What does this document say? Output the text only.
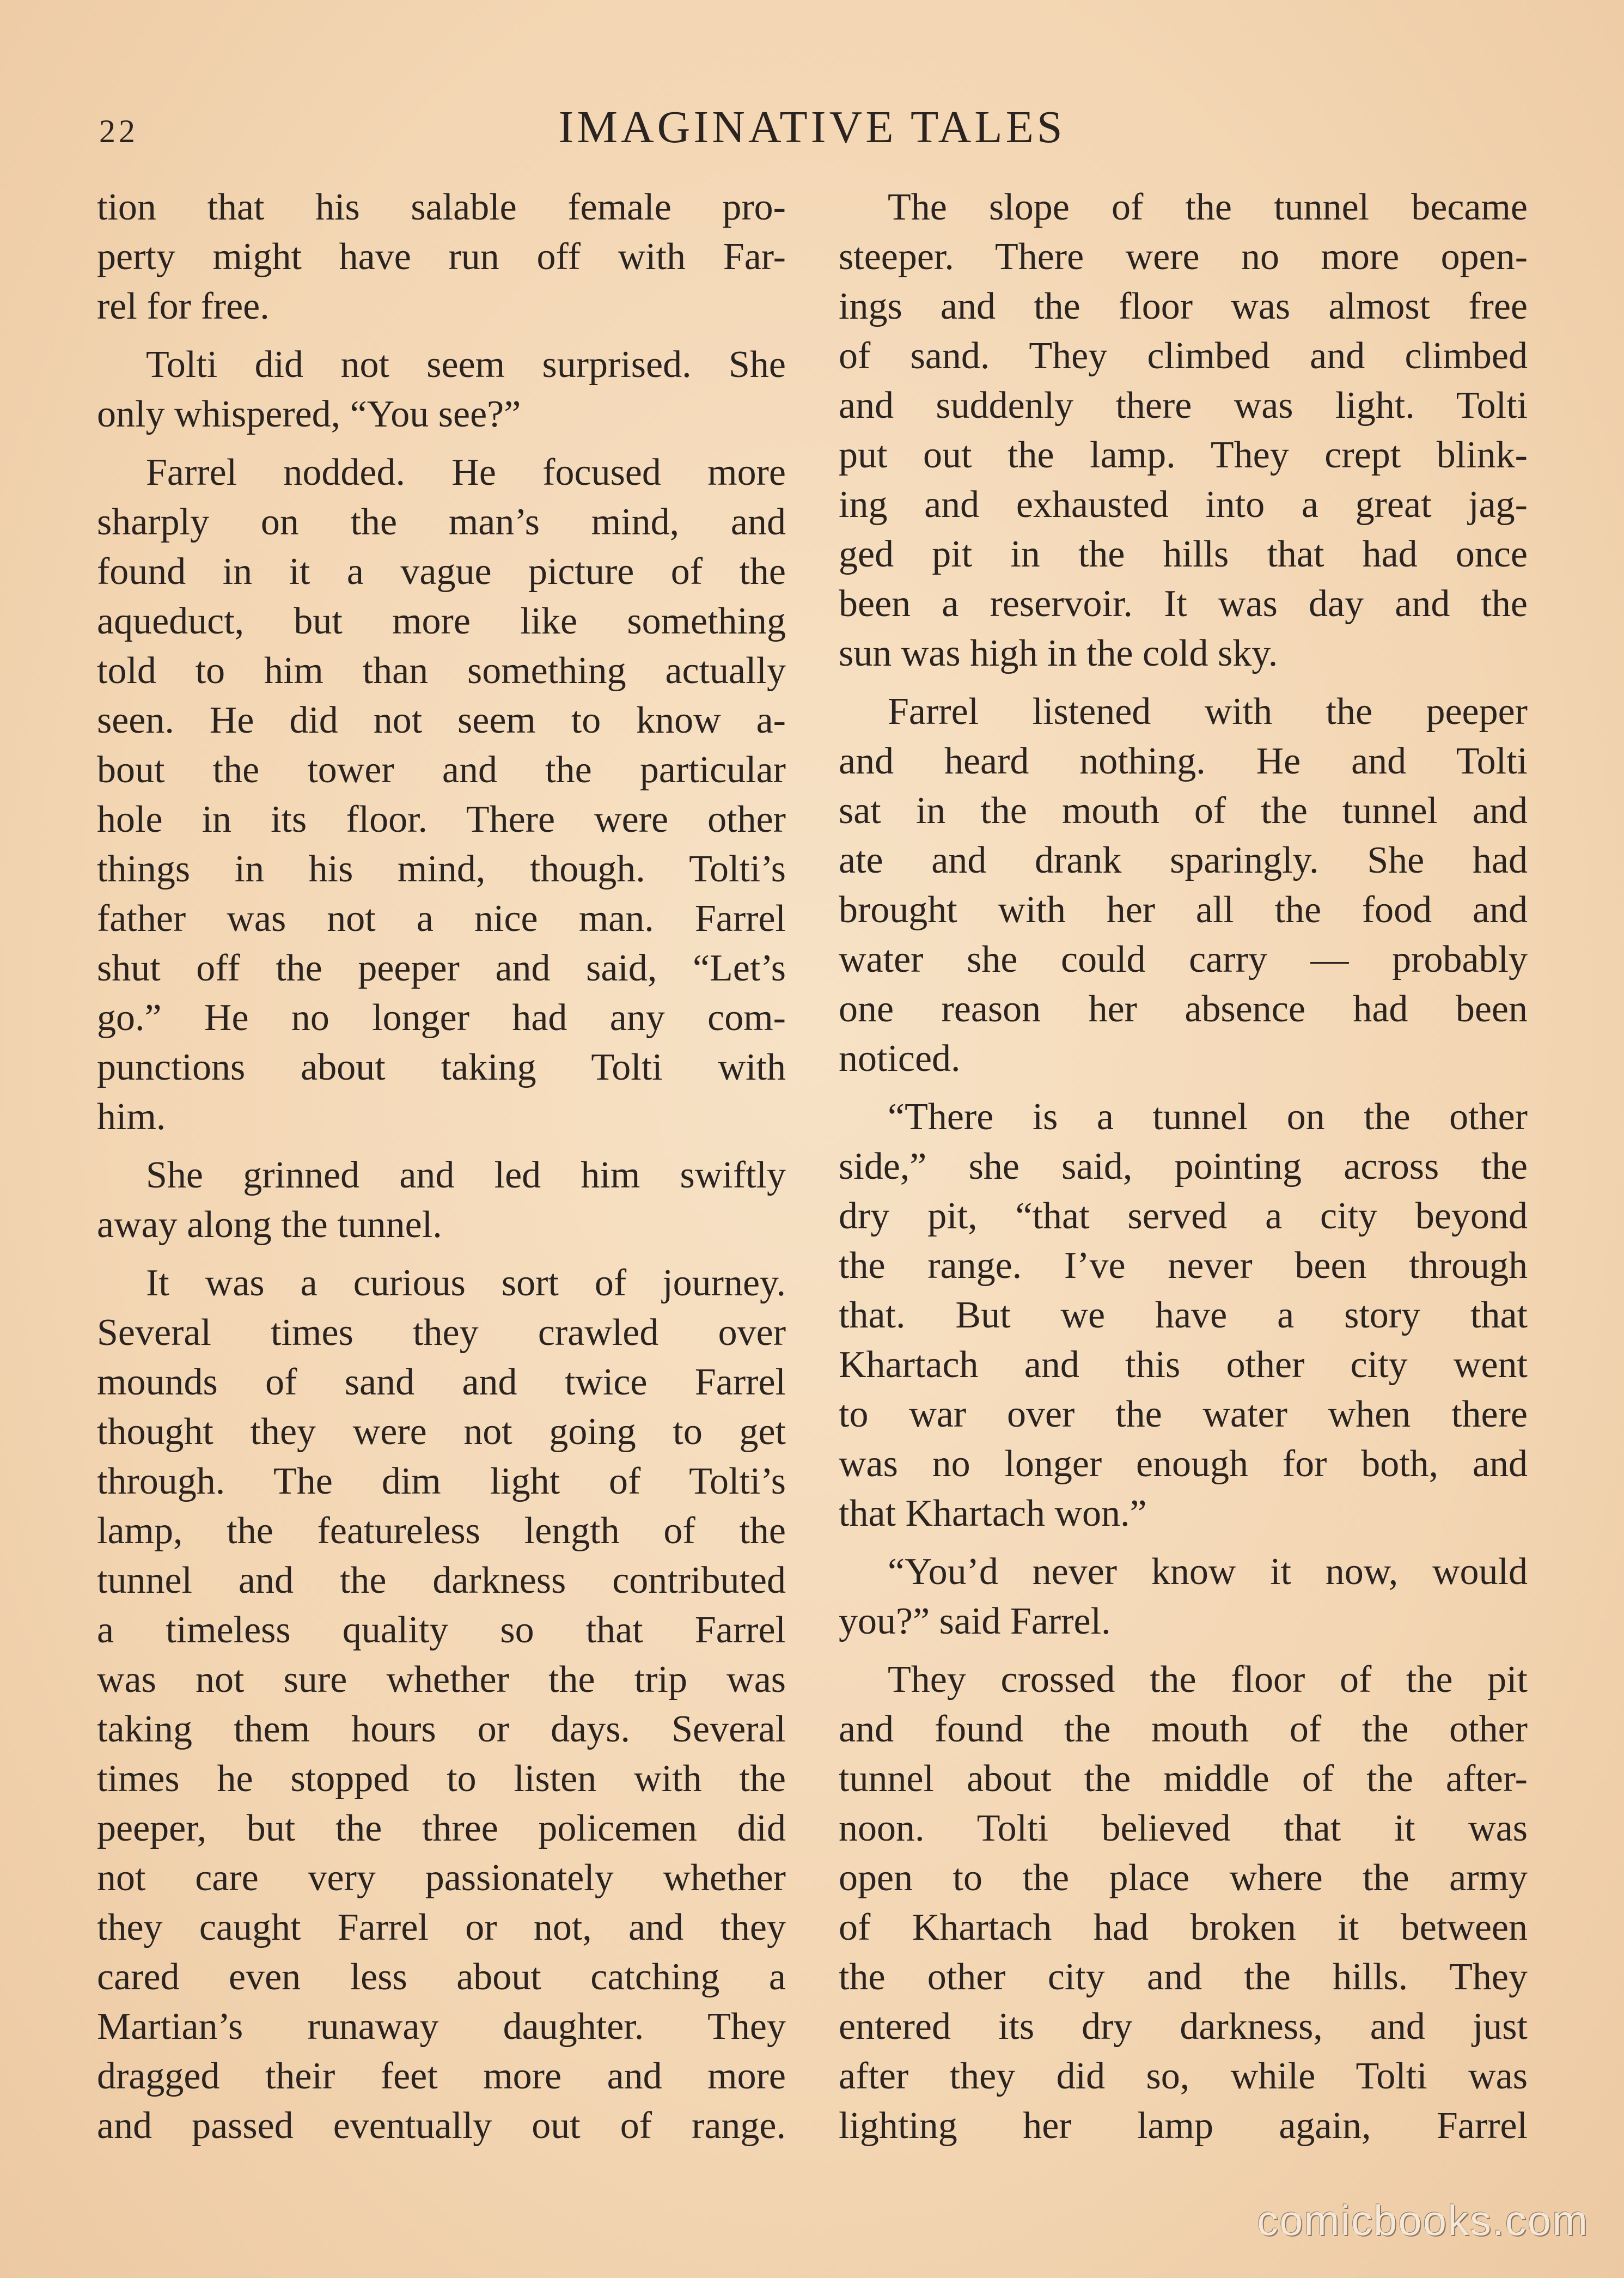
22	IMAGINATIVE TALES
tion that his salable female pro-
perty might have run off with Far-
rel for free.
Tolti did not seem surprised. She
only whispered, “You see?”
Farrel nodded. He focused more
sharply on the man’s mind, and
found in it a vague picture of the
aqueduct, but more like something
told to him than something actually
seen. He did not seem to know a-
bout the tower and the particular
hole in its floor. There were other
things in his mind, though. Tolti’s
father was not a nice man. Farrel
shut off the peeper and said, “Let’s
go.” He no longer had any com-
punctions about taking Tolti with
him.
She grinned and led him swiftly
away along the tunnel.
It was a curious sort of journey.
Several times they crawled over
mounds of sand and twice Farrel
thought they were not going to get
through. The dim light of Tolti’s
lamp, the featureless length of the
tunnel and the darkness contributed
a timeless quality so that Farrel
was not sure whether the trip was
taking them hours or days. Several
times he stopped to listen with the
peeper, but the three policemen did
not care very passionately whether
they caught Farrel or not, and they
cared even less about catching a
Martian’s runaway daughter. They
dragged their feet more and more
and passed eventually out of range.
The slope of the tunnel became
steeper. There were no more open-
ings and the floor was almost free
of sand. They climbed and climbed
and suddenly there was light. Tolti
put out the lamp. They crept blink-
ing and exhausted into a great jag-
ged pit in the hills that had once
been a reservoir. It was day and the
sun was high in the cold sky.
Farrel listened with the peeper
and heard nothing. He and Tolti
sat in the mouth of the tunnel and
ate and drank sparingly. She had
brought with her all the food and
water she could carry — probably
one reason her absence had been
noticed.
“There is a tunnel on the other
side,” she said, pointing across the
dry pit, “that served a city beyond
the range. I’ve never been through
that. But we have a story that
Khartach and this other city went
to war over the water when there
was no longer enough for both, and
that Khartach won.”
“You’d never know it now, would
you?” said Farrel.
They crossed the floor of the pit
and found the mouth of the other
tunnel about the middle of the after-
noon. Tolti believed that it was
open to the place where the army
of Khartach had broken it between
the other city and the hills. They
entered its dry darkness, and just
after they did so, while Tolti was
lighting her lamp again, Farrel
comicbooks.com
